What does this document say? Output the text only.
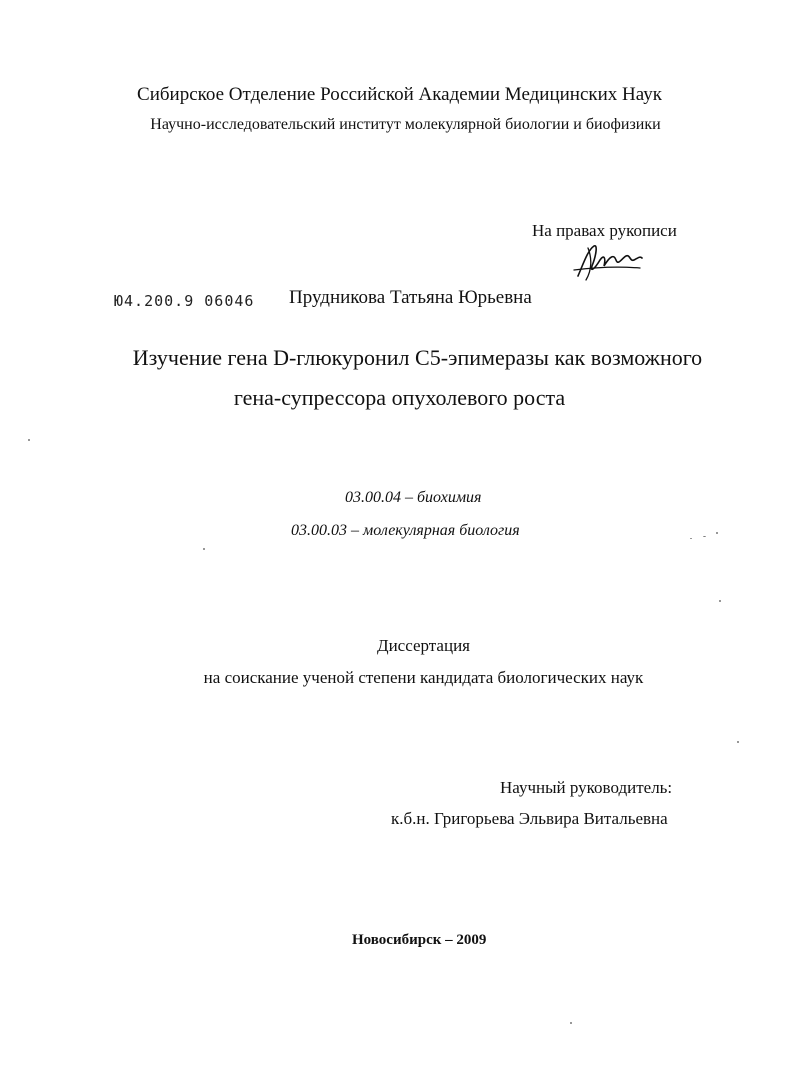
Сибирское Отделение Российской Академии Медицинских Наук
Научно-исследовательский институт молекулярной биологии и биофизики
На правах рукописи
Ю4.200.9 06046 Прудникова Татьяна Юрьевна
Изучение гена D-глюкуронил С5-эпимеразы как возможного
гена-супрессора опухолевого роста
03.00.04 – биохимия
03.00.03 – молекулярная биология
Диссертация
на соискание ученой степени кандидата биологических наук
Научный руководитель:
к.б.н. Григорьева Эльвира Витальевна
Новосибирск – 2009
